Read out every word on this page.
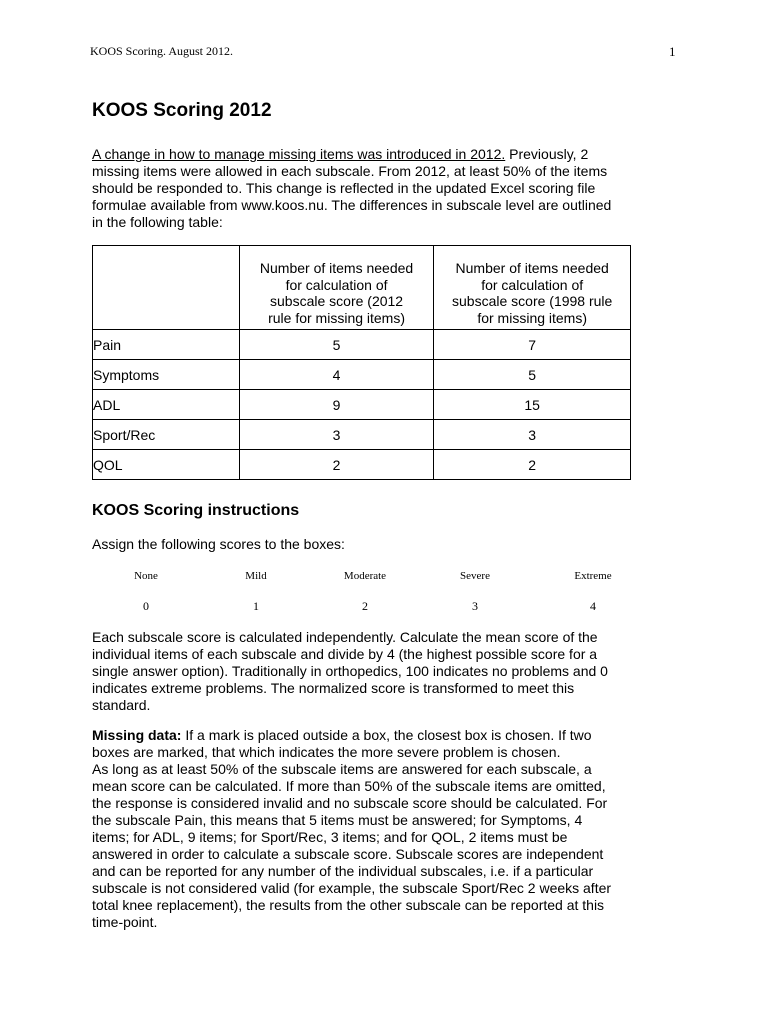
KOOS Scoring. August 2012.	1
KOOS Scoring 2012

A change in how to manage missing items was introduced in 2012. Previously, 2
missing items were allowed in each subscale. From 2012, at least 50% of the items
should be responded to. This change is reflected in the updated Excel scoring file
formulae available from www.koos.nu. The differences in subscale level are outlined
in the following table:

	Number of items needed
for calculation of
subscale score (2012
rule for missing items)	Number of items needed
for calculation of
subscale score (1998 rule
for missing items)

Pain	5	7
Symptoms	4	5
ADL	9	15
Sport/Rec	3	3
QOL	2	2
KOOS Scoring instructions

Assign the following scores to the boxes:

None	Mild	Moderate	Severe	Extreme
0	1	2	3	4

Each subscale score is calculated independently. Calculate the mean score of the
individual items of each subscale and divide by 4 (the highest possible score for a
single answer option). Traditionally in orthopedics, 100 indicates no problems and 0
indicates extreme problems. The normalized score is transformed to meet this
standard.

Missing data: If a mark is placed outside a box, the closest box is chosen. If two
boxes are marked, that which indicates the more severe problem is chosen.
As long as at least 50% of the subscale items are answered for each subscale, a
mean score can be calculated. If more than 50% of the subscale items are omitted,
the response is considered invalid and no subscale score should be calculated. For
the subscale Pain, this means that 5 items must be answered; for Symptoms, 4
items; for ADL, 9 items; for Sport/Rec, 3 items; and for QOL, 2 items must be
answered in order to calculate a subscale score. Subscale scores are independent
and can be reported for any number of the individual subscales, i.e. if a particular
subscale is not considered valid (for example, the subscale Sport/Rec 2 weeks after
total knee replacement), the results from the other subscale can be reported at this
time-point.
